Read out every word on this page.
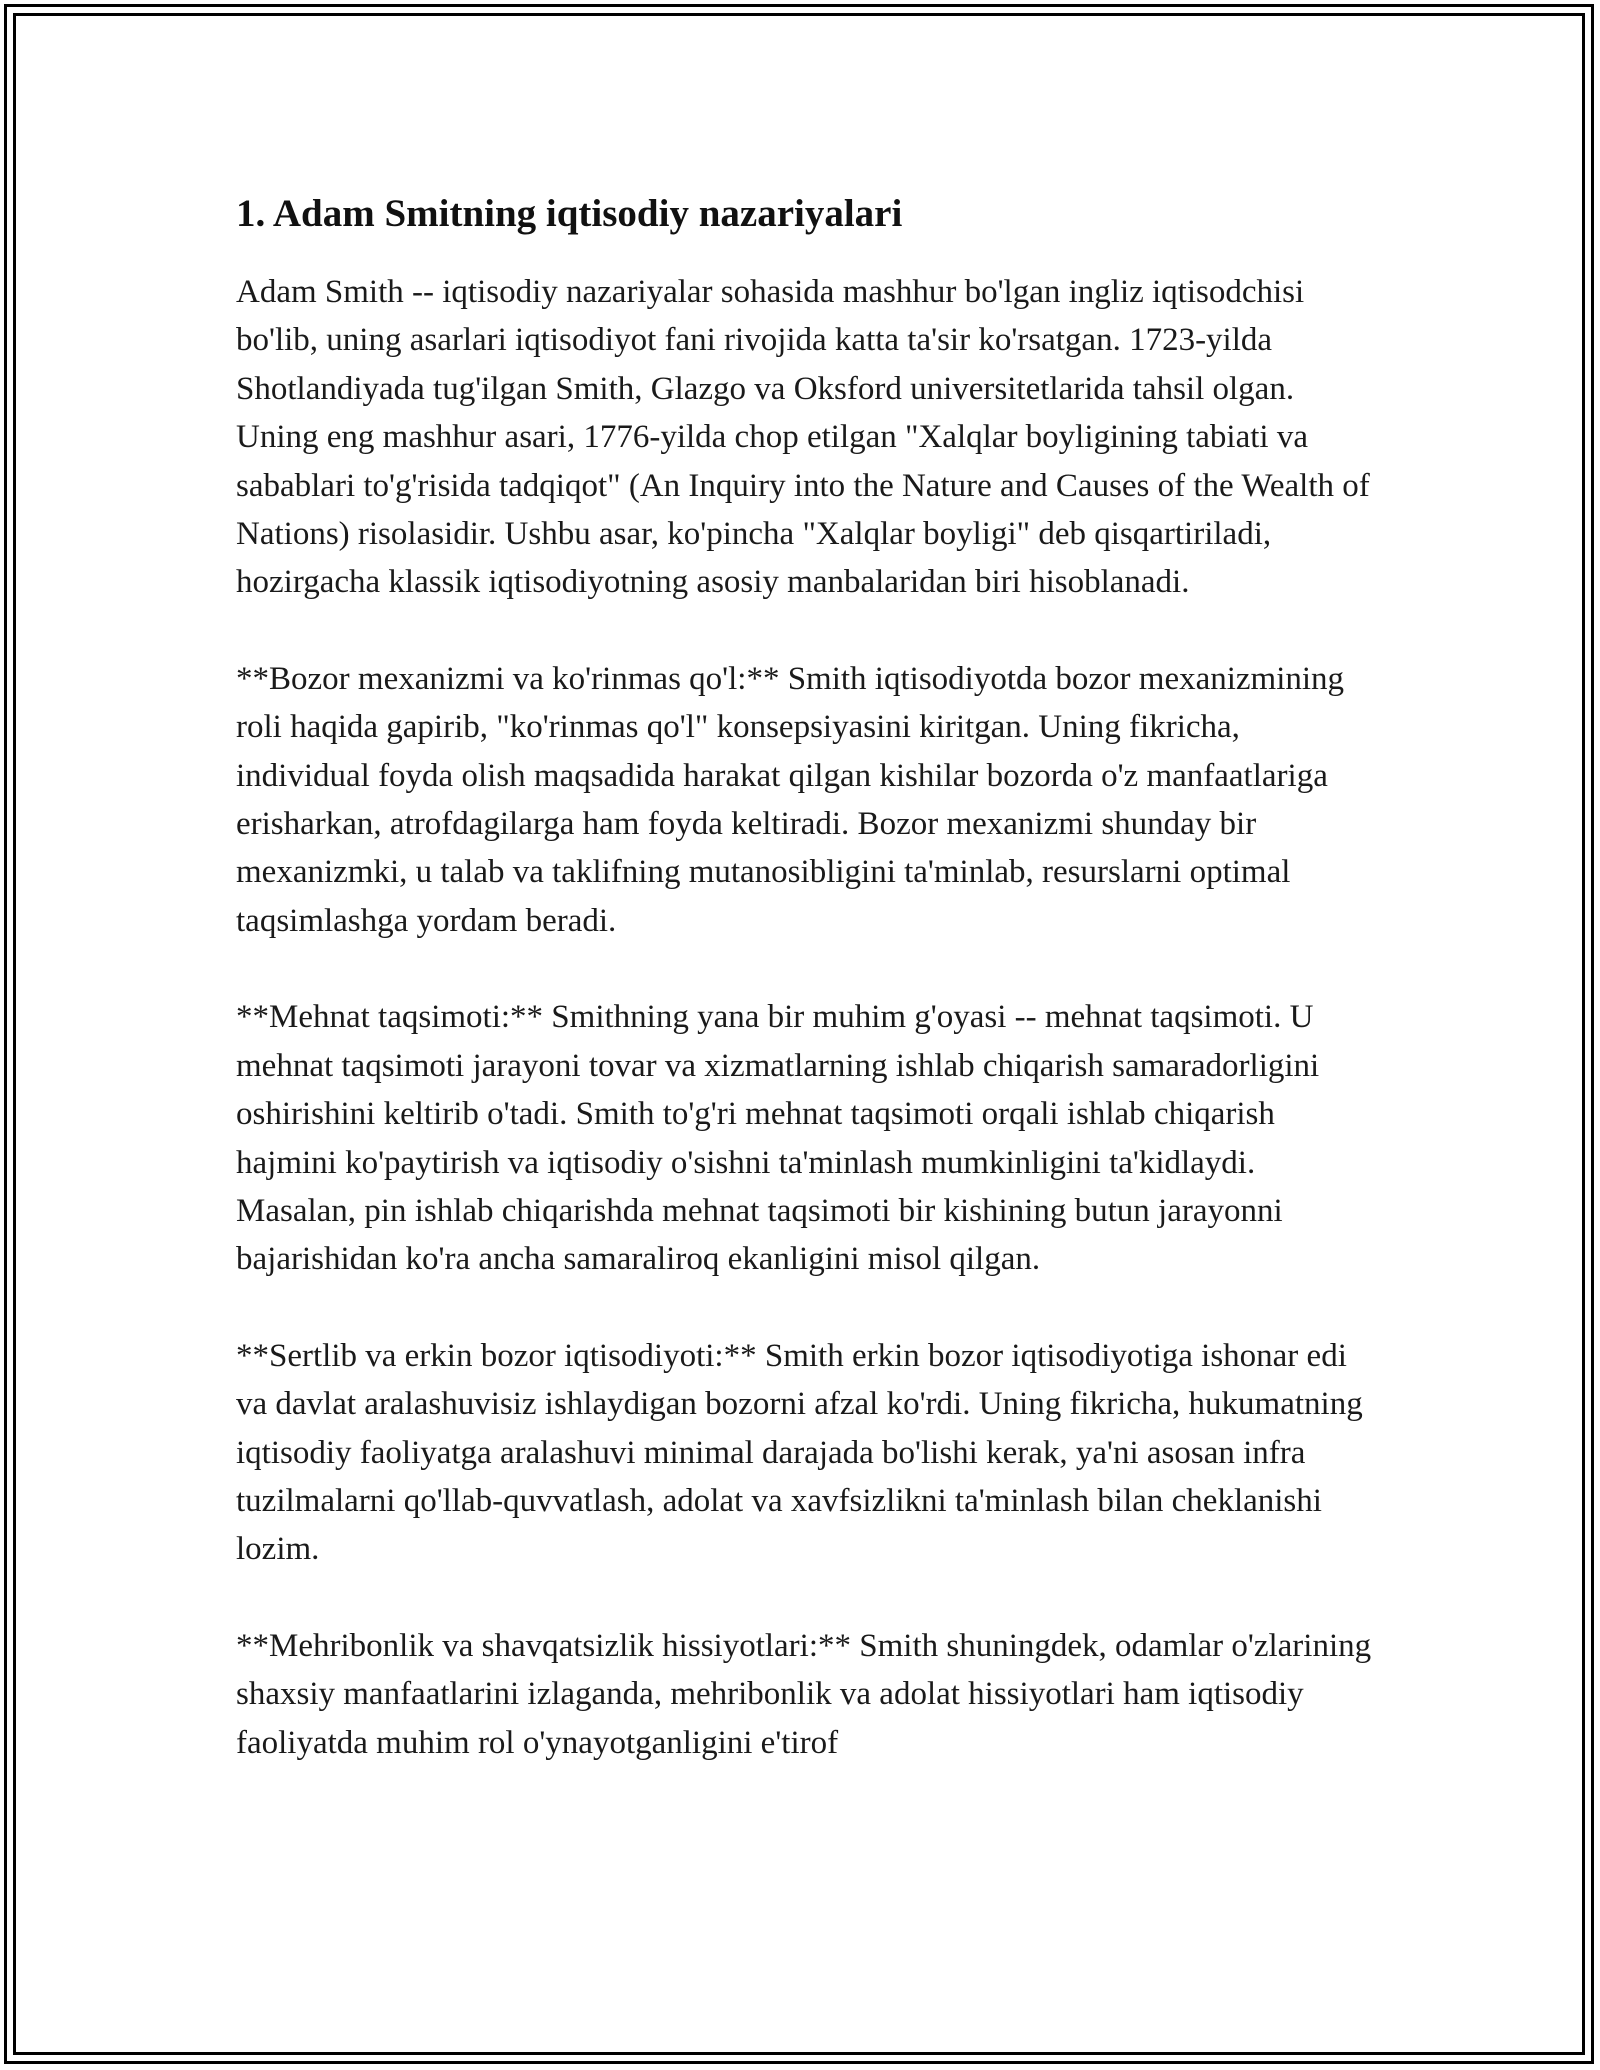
1. Adam Smitning iqtisodiy nazariyalari

Adam Smith -- iqtisodiy nazariyalar sohasida mashhur bo'lgan ingliz iqtisodchisi bo'lib, uning asarlari iqtisodiyot fani rivojida katta ta'sir ko'rsatgan. 1723-yilda Shotlandiyada tug'ilgan Smith, Glazgo va Oksford universitetlarida tahsil olgan. Uning eng mashhur asari, 1776-yilda chop etilgan "Xalqlar boyligining tabiati va sabablari to'g'risida tadqiqot" (An Inquiry into the Nature and Causes of the Wealth of Nations) risolasidir. Ushbu asar, ko'pincha "Xalqlar boyligi" deb qisqartiriladi, hozirgacha klassik iqtisodiyotning asosiy manbalaridan biri hisoblanadi.

**Bozor mexanizmi va ko'rinmas qo'l:** Smith iqtisodiyotda bozor mexanizmining roli haqida gapirib, "ko'rinmas qo'l" konsepsiyasini kiritgan. Uning fikricha, individual foyda olish maqsadida harakat qilgan kishilar bozorda o'z manfaatlariga erisharkan, atrofdagilarga ham foyda keltiradi. Bozor mexanizmi shunday bir mexanizmki, u talab va taklifning mutanosibligini ta'minlab, resurslarni optimal taqsimlashga yordam beradi.

**Mehnat taqsimoti:** Smithning yana bir muhim g'oyasi -- mehnat taqsimoti. U mehnat taqsimoti jarayoni tovar va xizmatlarning ishlab chiqarish samaradorligini oshirishini keltirib o'tadi. Smith to'g'ri mehnat taqsimoti orqali ishlab chiqarish hajmini ko'paytirish va iqtisodiy o'sishni ta'minlash mumkinligini ta'kidlaydi. Masalan, pin ishlab chiqarishda mehnat taqsimoti bir kishining butun jarayonni bajarishidan ko'ra ancha samaraliroq ekanligini misol qilgan.

**Sertlib va erkin bozor iqtisodiyoti:** Smith erkin bozor iqtisodiyotiga ishonar edi va davlat aralashuvisiz ishlaydigan bozorni afzal ko'rdi. Uning fikricha, hukumatning iqtisodiy faoliyatga aralashuvi minimal darajada bo'lishi kerak, ya'ni asosan infra tuzilmalarni qo'llab-quvvatlash, adolat va xavfsizlikni ta'minlash bilan cheklanishi lozim.

**Mehribonlik va shavqatsizlik hissiyotlari:** Smith shuningdek, odamlar o'zlarining shaxsiy manfaatlarini izlaganda, mehribonlik va adolat hissiyotlari ham iqtisodiy faoliyatda muhim rol o'ynayotganligini e'tirof
